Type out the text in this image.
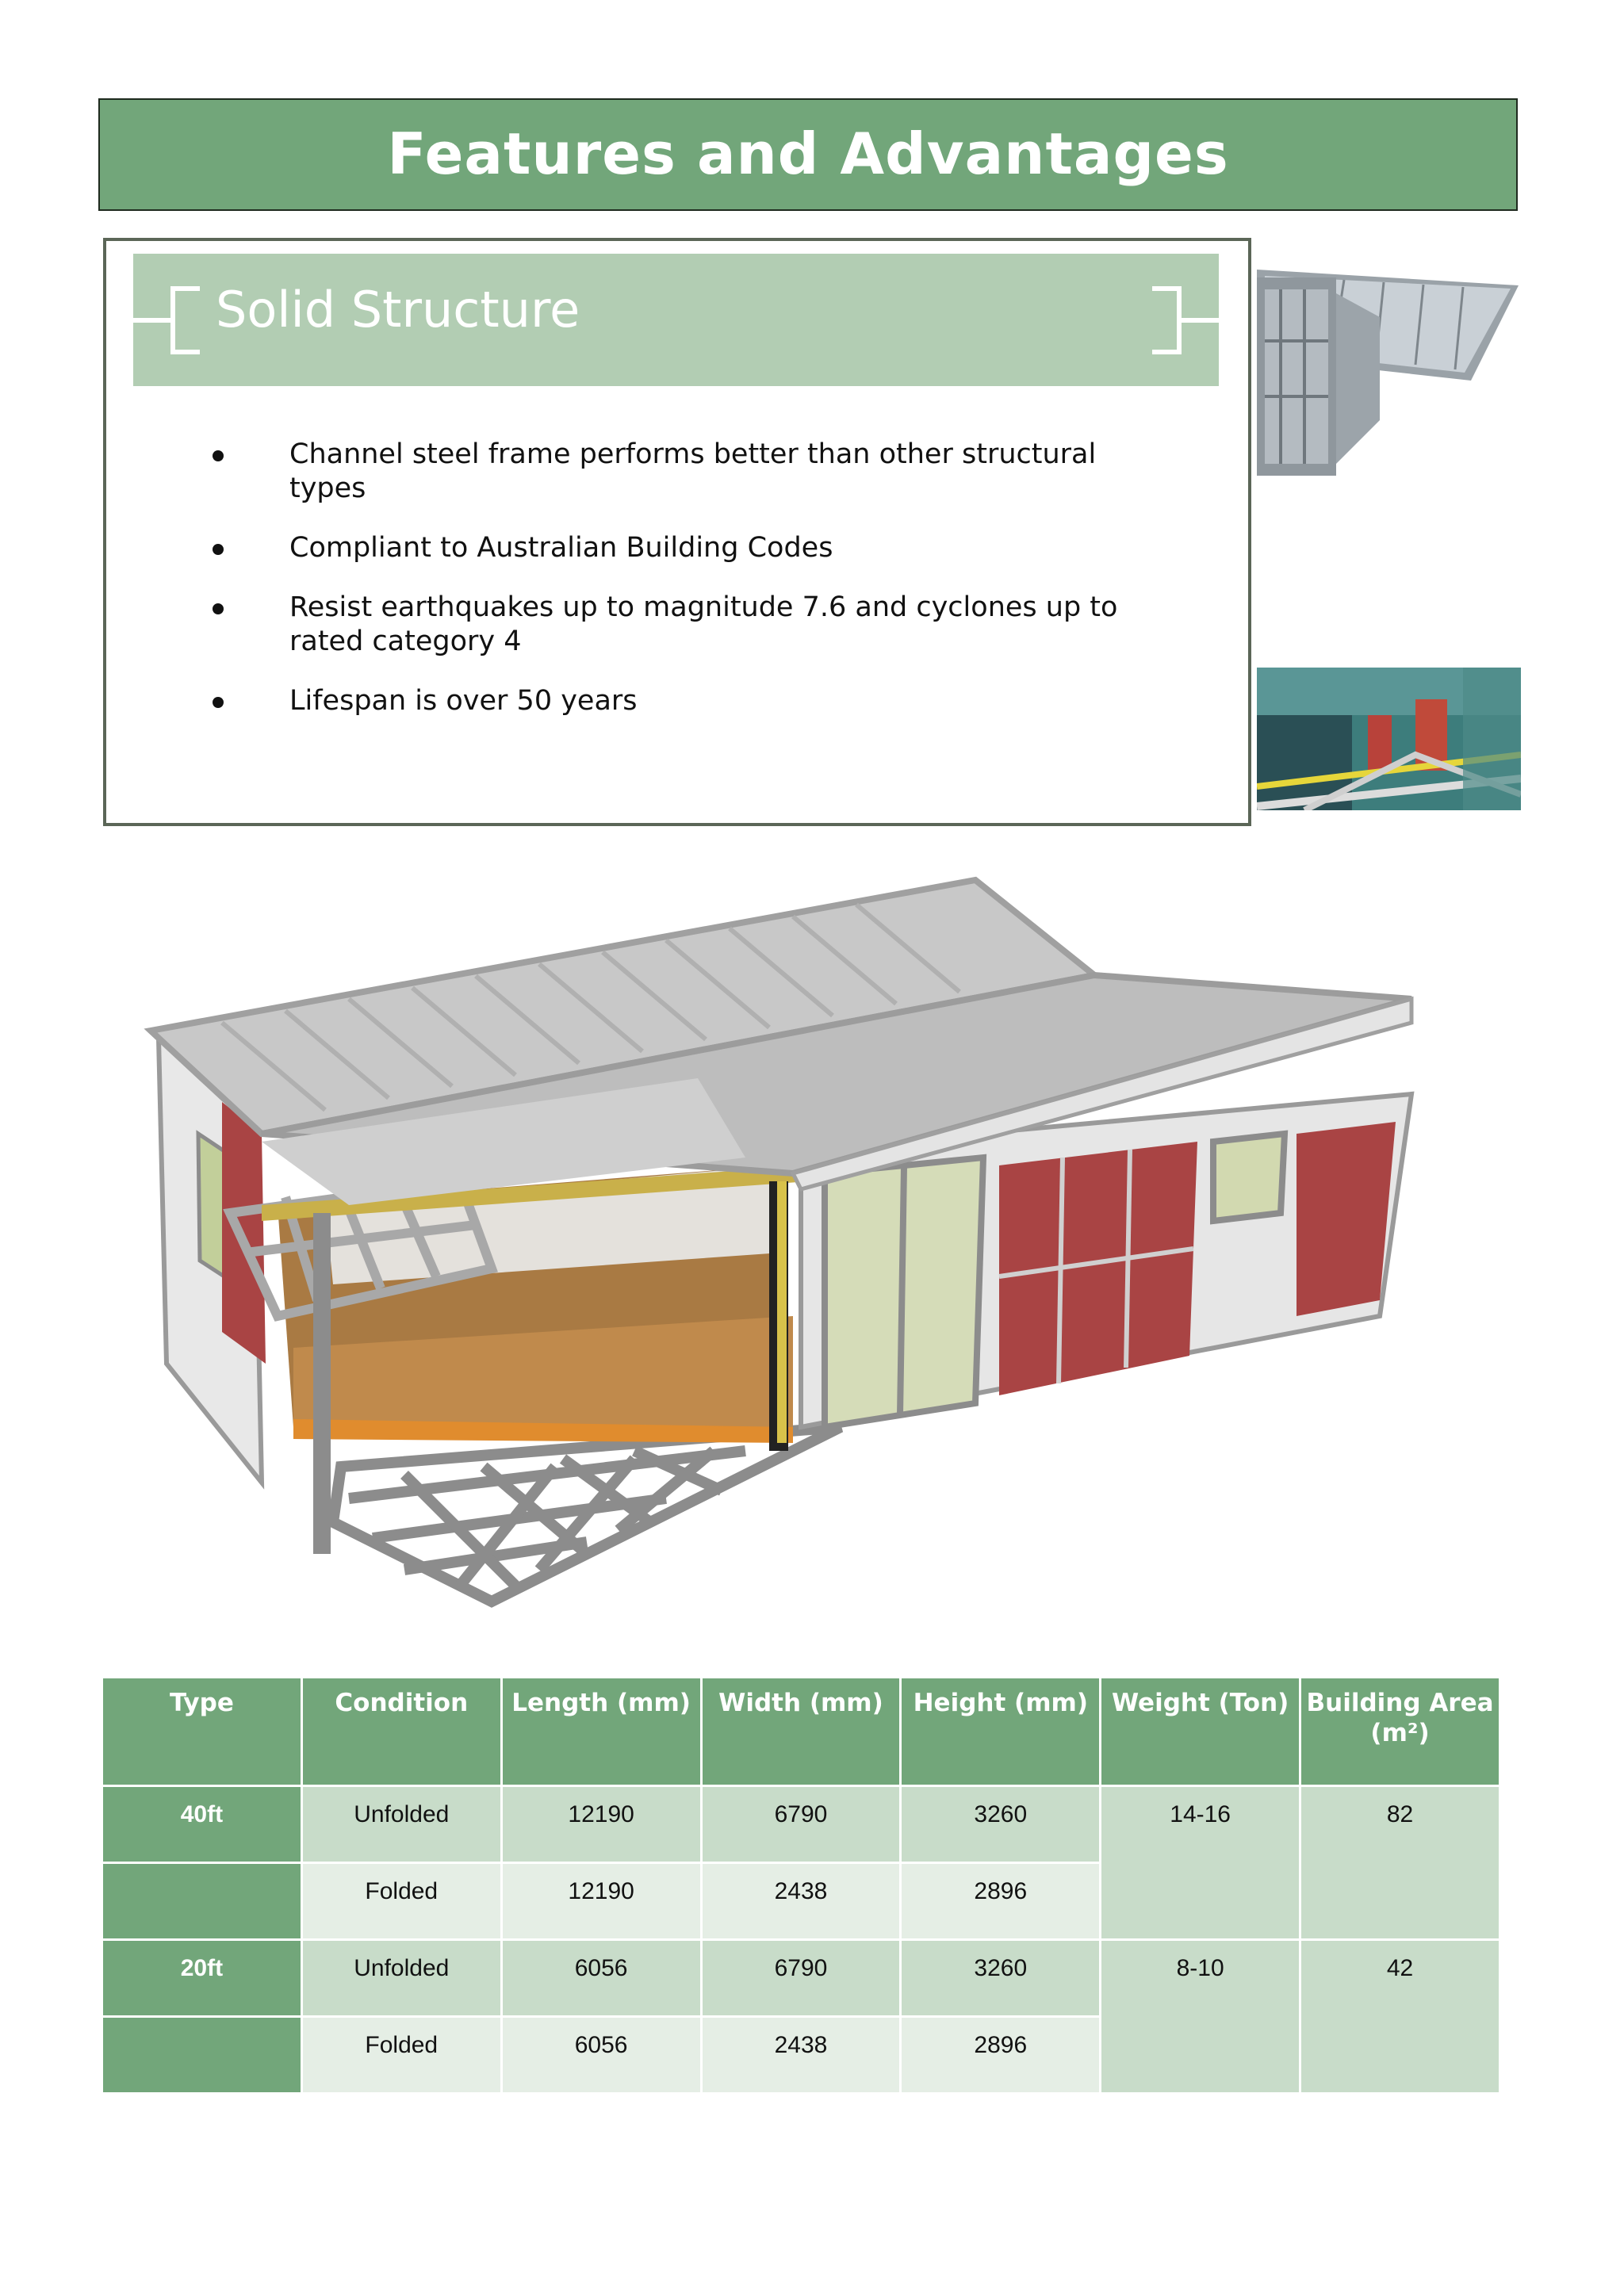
Features and Advantages
Solid Structure
Channel steel frame performs better than other structural types
Compliant to Australian Building Codes
Resist earthquakes up to magnitude 7.6 and cyclones up to rated category 4
Lifespan is over 50 years
Type	Condition	Length (mm)	Width (mm)	Height (mm)	Weight (Ton)	Building Area (m²)
40ft	Unfolded	12190	6790	3260	14-16	82
	Folded	12190	2438	2896		
20ft	Unfolded	6056	6790	3260	8-10	42
	Folded	6056	2438	2896		
